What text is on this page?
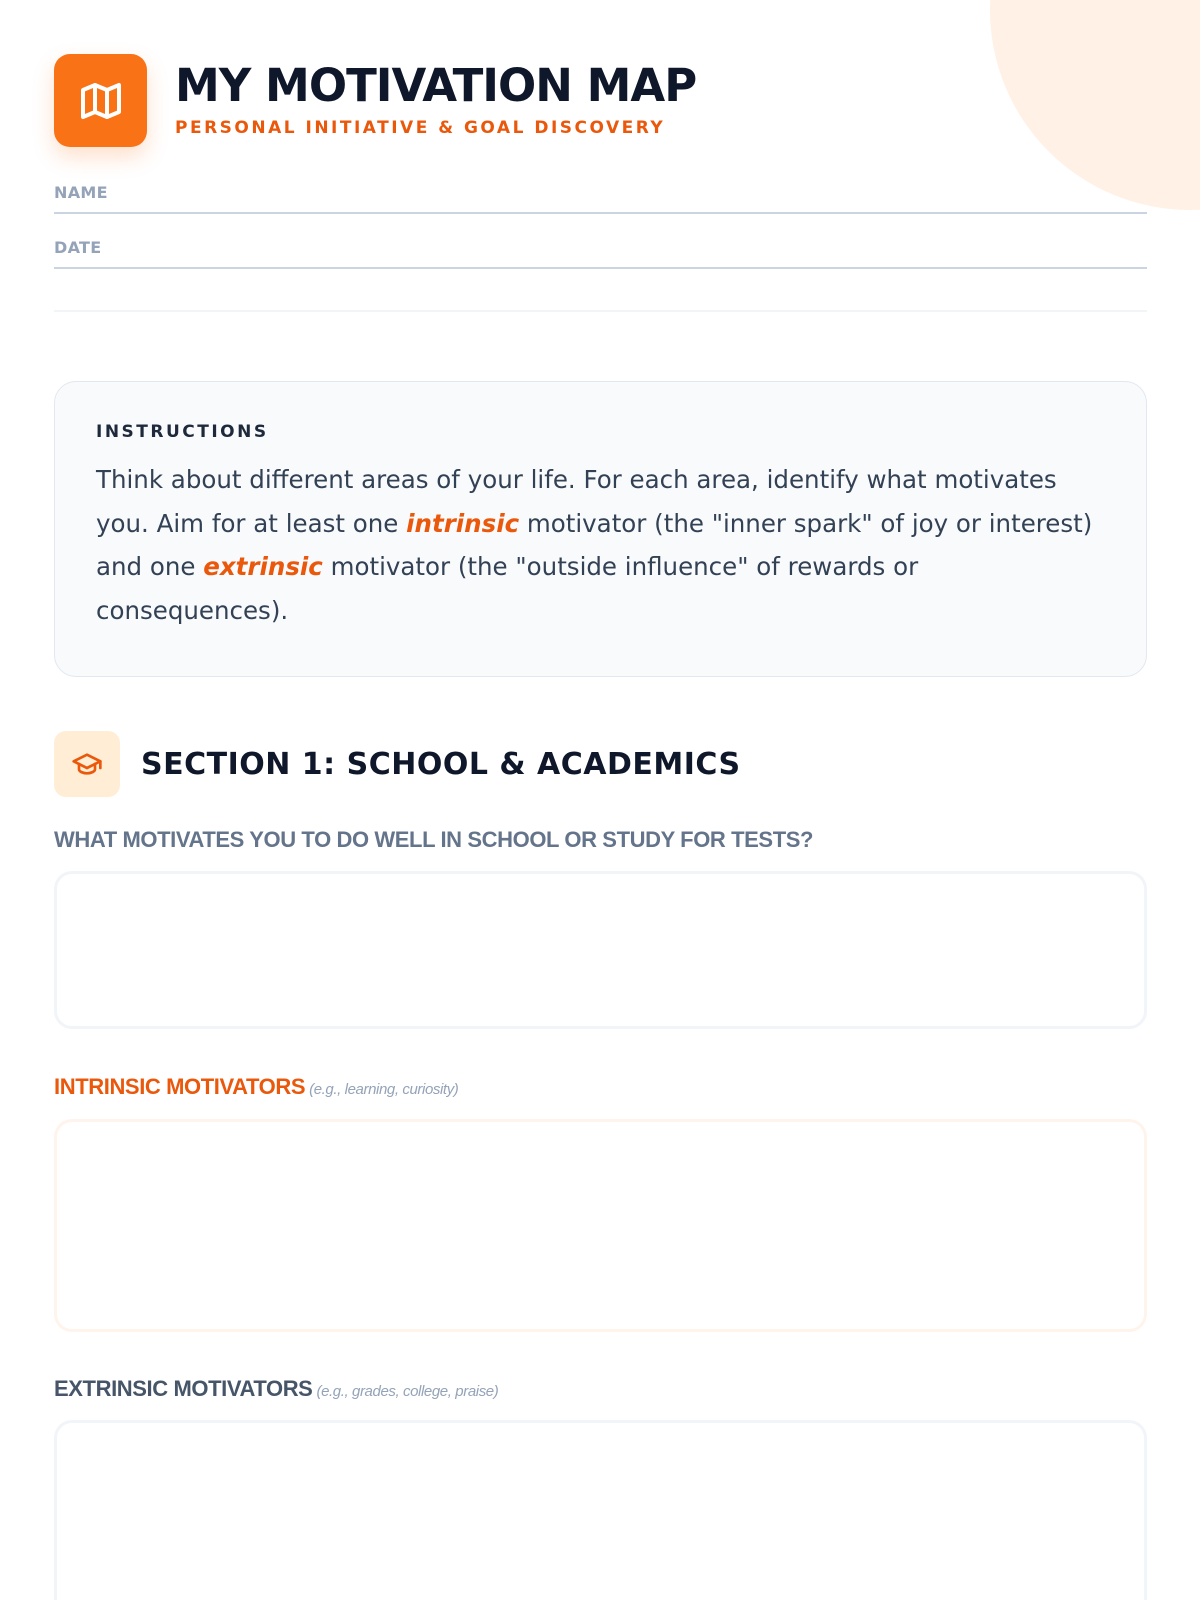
MY MOTIVATION MAP
PERSONAL INITIATIVE & GOAL DISCOVERY
NAME
DATE
INSTRUCTIONS

Think about different areas of your life. For each area, identify what motivates you. Aim for at least one intrinsic motivator (the "inner spark" of joy or interest) and one extrinsic motivator (the "outside influence" of rewards or consequences).

SECTION 1: SCHOOL & ACADEMICS
WHAT MOTIVATES YOU TO DO WELL IN SCHOOL OR STUDY FOR TESTS?
INTRINSIC MOTIVATORS (e.g., learning, curiosity)
EXTRINSIC MOTIVATORS (e.g., grades, college, praise)
